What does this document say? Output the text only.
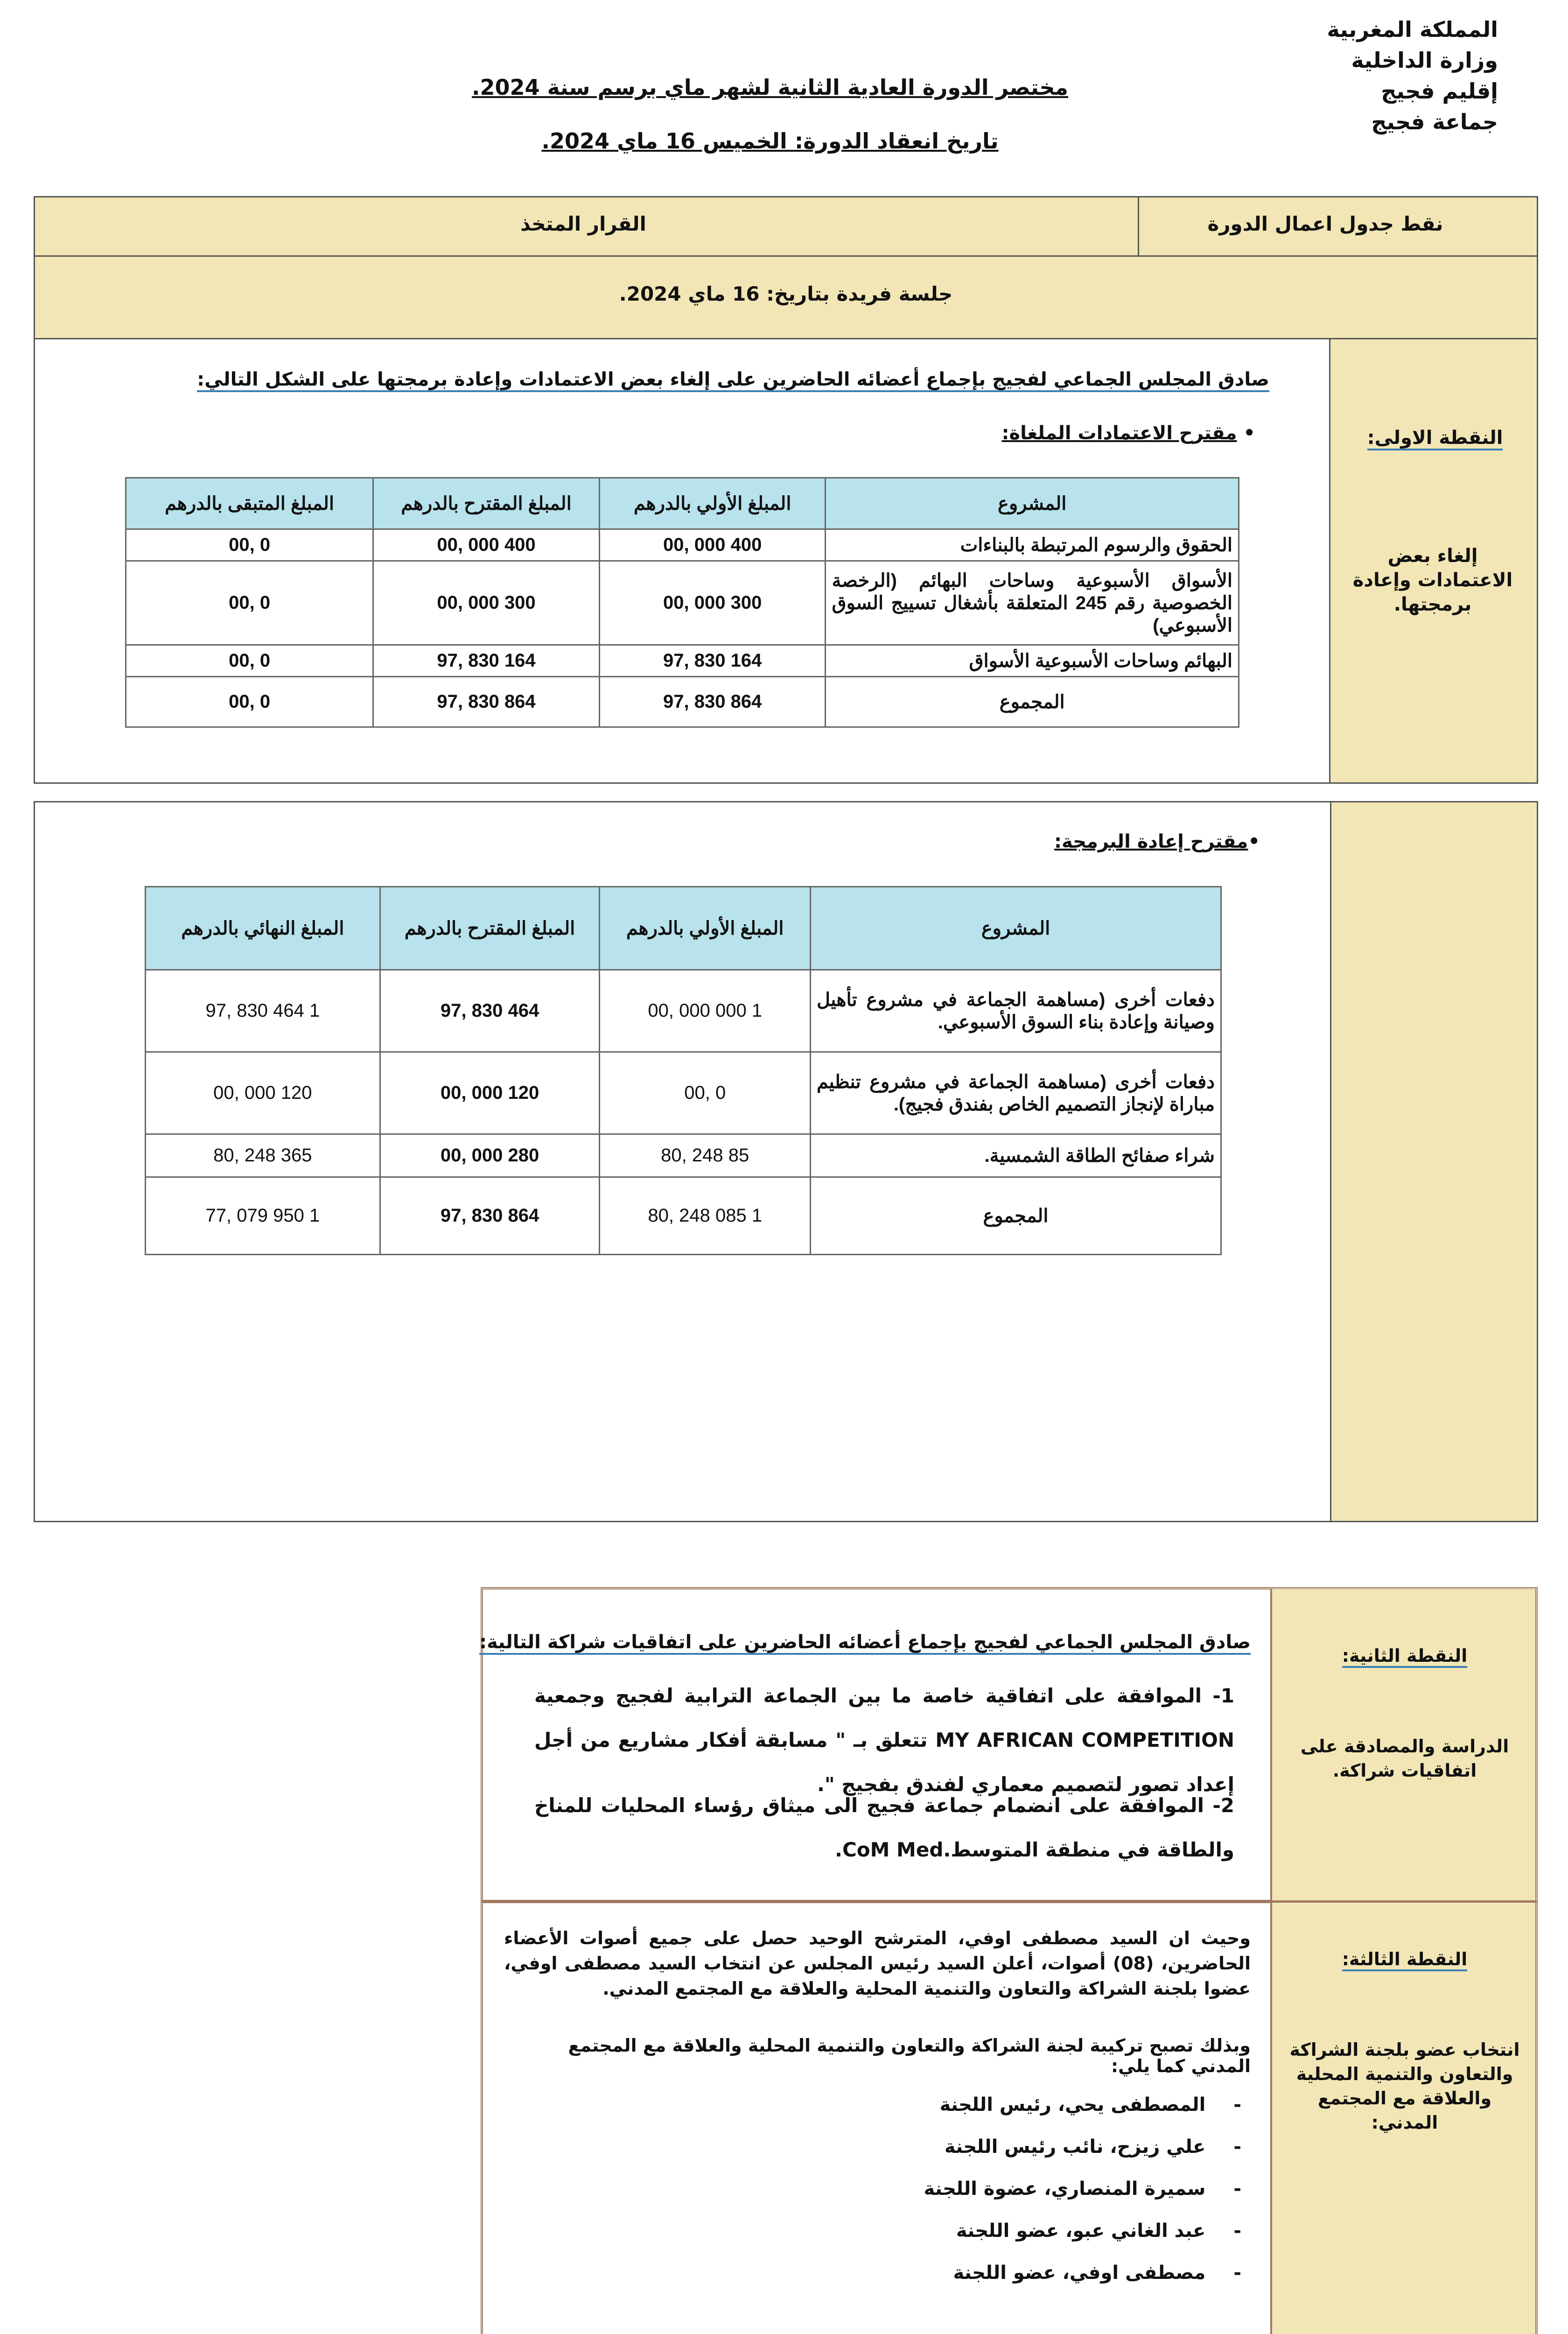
المملكة المغربية
وزارة الداخلية
إقليم فجيج
جماعة فجيج
مختصر الدورة العادية الثانية لشهر ماي برسم سنة 2024.
تاريخ انعقاد الدورة: الخميس 16 ماي 2024.
نقط جدول اعمال الدورة
القرار المتخذ
جلسة فريدة بتاريخ: 16 ماي 2024.
النقطة الاولى:
إلغاء بعض الاعتمادات وإعادة برمجتها.
صادق المجلس الجماعي لفجيج بإجماع أعضائه الحاضرين على إلغاء بعض الاعتمادات وإعادة برمجتها على الشكل التالي:
• مقترح الاعتمادات الملغاة:
المشروع	المبلغ الأولي بالدرهم	المبلغ المقترح بالدرهم	المبلغ المتبقى بالدرهم
الحقوق والرسوم المرتبطة بالبناءات	400 000 ,00	400 000 ,00	0 ,00
الأسواق الأسبوعية وساحات البهائم (الرخصة الخصوصية رقم 245 المتعلقة بأشغال تسييج السوق الأسبوعي)	300 000 ,00	300 000 ,00	0 ,00
البهائم وساحات الأسبوعية الأسواق	164 830 ,97	164 830 ,97	0 ,00
المجموع	864 830 ,97	864 830 ,97	0 ,00
•مقترح إعادة البرمجة:
المشروع	المبلغ الأولي بالدرهم	المبلغ المقترح بالدرهم	المبلغ النهائي بالدرهم
دفعات أخرى (مساهمة الجماعة في مشروع تأهيل وصيانة وإعادة بناء السوق الأسبوعي.	1 000 000 ,00	464 830 ,97	1 464 830 ,97
دفعات أخرى (مساهمة الجماعة في مشروع تنظيم مباراة لإنجاز التصميم الخاص بفندق فجيج).	0 ,00	120 000 ,00	120 000 ,00
شراء صفائح الطاقة الشمسية.	85 248 ,80	280 000 ,00	365 248 ,80
المجموع	1 085 248 ,80	864 830 ,97	1 950 079 ,77
النقطة الثانية:
الدراسة والمصادقة على اتفاقيات شراكة.
صادق المجلس الجماعي لفجيج بإجماع أعضائه الحاضرين على اتفاقيات شراكة التالية:
1- الموافقة على اتفاقية خاصة ما بين الجماعة الترابية لفجيج وجمعية MY AFRICAN COMPETITION تتعلق بـ " مسابقة أفكار مشاريع من أجل إعداد تصور لتصميم معماري لفندق بفجيج ".
2- الموافقة على انضمام جماعة فجيج الى ميثاق رؤساء المحليات للمناخ والطاقة في منطقة المتوسط.CoM Med.
النقطة الثالثة:
انتخاب عضو بلجنة الشراكة والتعاون والتنمية المحلية والعلاقة مع المجتمع المدني:
وحيث ان السيد مصطفى اوفي، المترشح الوحيد حصل على جميع أصوات الأعضاء الحاضرين، (08) أصوات، أعلن السيد رئيس المجلس عن انتخاب السيد مصطفى اوفي، عضوا بلجنة الشراكة والتعاون والتنمية المحلية والعلاقة مع المجتمع المدني.
وبذلك تصبح تركيبة لجنة الشراكة والتعاون والتنمية المحلية والعلاقة مع المجتمع المدني كما يلي:
-المصطفى يحي، رئيس اللجنة
-علي زيزح، نائب رئيس اللجنة
-سميرة المنصاري، عضوة اللجنة
-عبد الغاني عبو، عضو اللجنة
-مصطفى اوفي، عضو اللجنة
